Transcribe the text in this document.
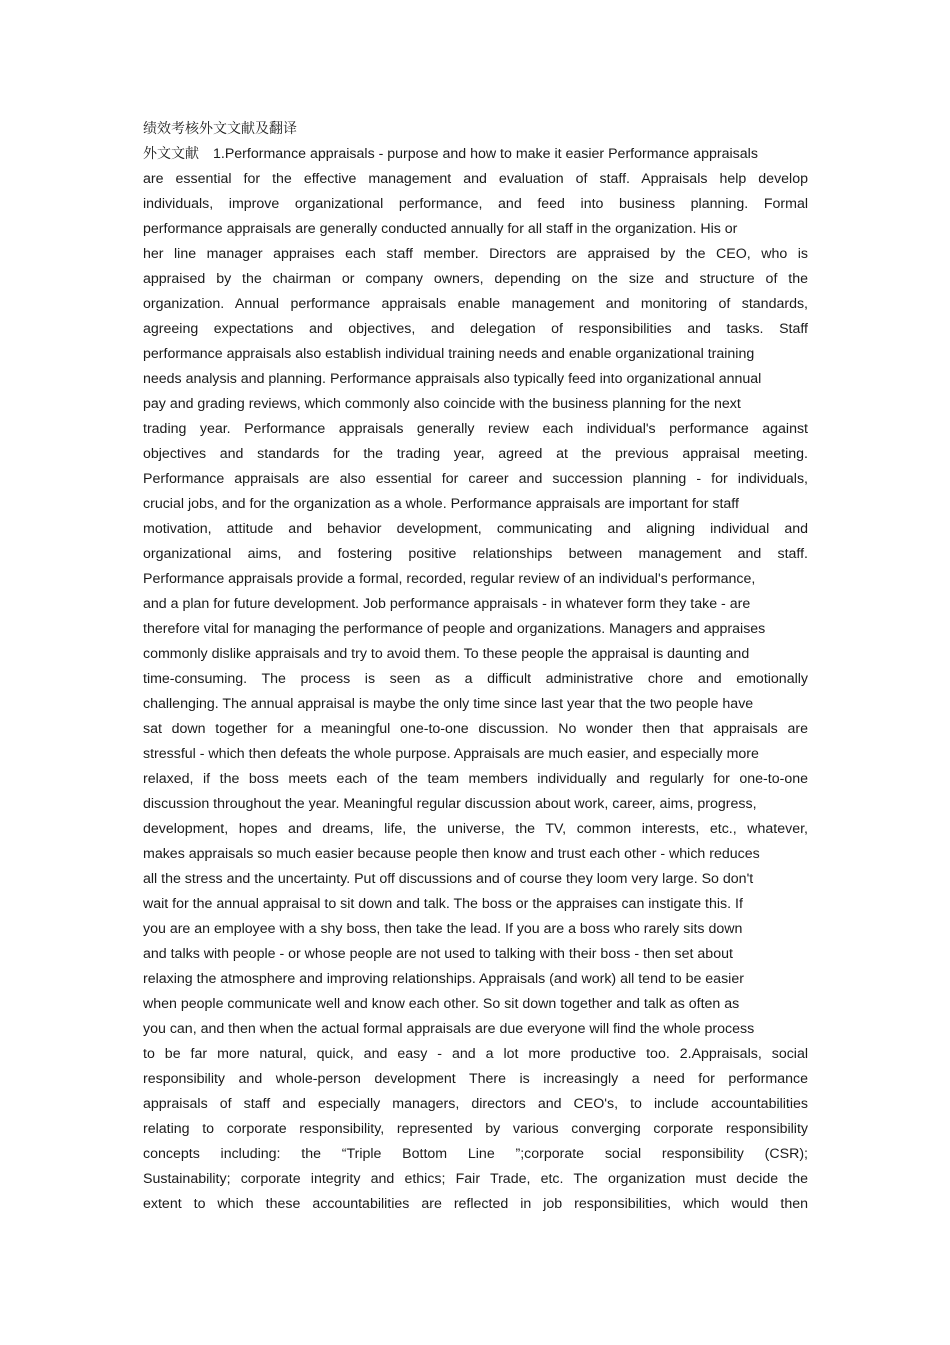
绩效考核外文文献及翻译
外文文献 1.Performance appraisals - purpose and how to make it easier Performance appraisals
are essential for the effective management and evaluation of staff. Appraisals help develop
individuals, improve organizational performance, and feed into business planning. Formal
performance appraisals are generally conducted annually for all staff in the organization. His or
her line manager appraises each staff member. Directors are appraised by the CEO, who is
appraised by the chairman or company owners, depending on the size and structure of the
organization. Annual performance appraisals enable management and monitoring of standards,
agreeing expectations and objectives, and delegation of responsibilities and tasks. Staff
performance appraisals also establish individual training needs and enable organizational training
needs analysis and planning. Performance appraisals also typically feed into organizational annual
pay and grading reviews, which commonly also coincide with the business planning for the next
trading year. Performance appraisals generally review each individual's performance against
objectives and standards for the trading year, agreed at the previous appraisal meeting.
Performance appraisals are also essential for career and succession planning - for individuals,
crucial jobs, and for the organization as a whole. Performance appraisals are important for staff
motivation, attitude and behavior development, communicating and aligning individual and
organizational aims, and fostering positive relationships between management and staff.
Performance appraisals provide a formal, recorded, regular review of an individual's performance,
and a plan for future development. Job performance appraisals - in whatever form they take - are
therefore vital for managing the performance of people and organizations. Managers and appraises
commonly dislike appraisals and try to avoid them. To these people the appraisal is daunting and
time-consuming. The process is seen as a difficult administrative chore and emotionally
challenging. The annual appraisal is maybe the only time since last year that the two people have
sat down together for a meaningful one-to-one discussion. No wonder then that appraisals are
stressful - which then defeats the whole purpose. Appraisals are much easier, and especially more
relaxed, if the boss meets each of the team members individually and regularly for one-to-one
discussion throughout the year. Meaningful regular discussion about work, career, aims, progress,
development, hopes and dreams, life, the universe, the TV, common interests, etc., whatever,
makes appraisals so much easier because people then know and trust each other - which reduces
all the stress and the uncertainty. Put off discussions and of course they loom very large. So don't
wait for the annual appraisal to sit down and talk. The boss or the appraises can instigate this. If
you are an employee with a shy boss, then take the lead. If you are a boss who rarely sits down
and talks with people - or whose people are not used to talking with their boss - then set about
relaxing the atmosphere and improving relationships. Appraisals (and work) all tend to be easier
when people communicate well and know each other. So sit down together and talk as often as
you can, and then when the actual formal appraisals are due everyone will find the whole process
to be far more natural, quick, and easy - and a lot more productive too. 2.Appraisals, social
responsibility and whole-person development There is increasingly a need for performance
appraisals of staff and especially managers, directors and CEO's, to include accountabilities
relating to corporate responsibility, represented by various converging corporate responsibility
concepts including: the “Triple Bottom Line ”;corporate social responsibility (CSR);
Sustainability; corporate integrity and ethics; Fair Trade, etc. The organization must decide the
extent to which these accountabilities are reflected in job responsibilities, which would then
